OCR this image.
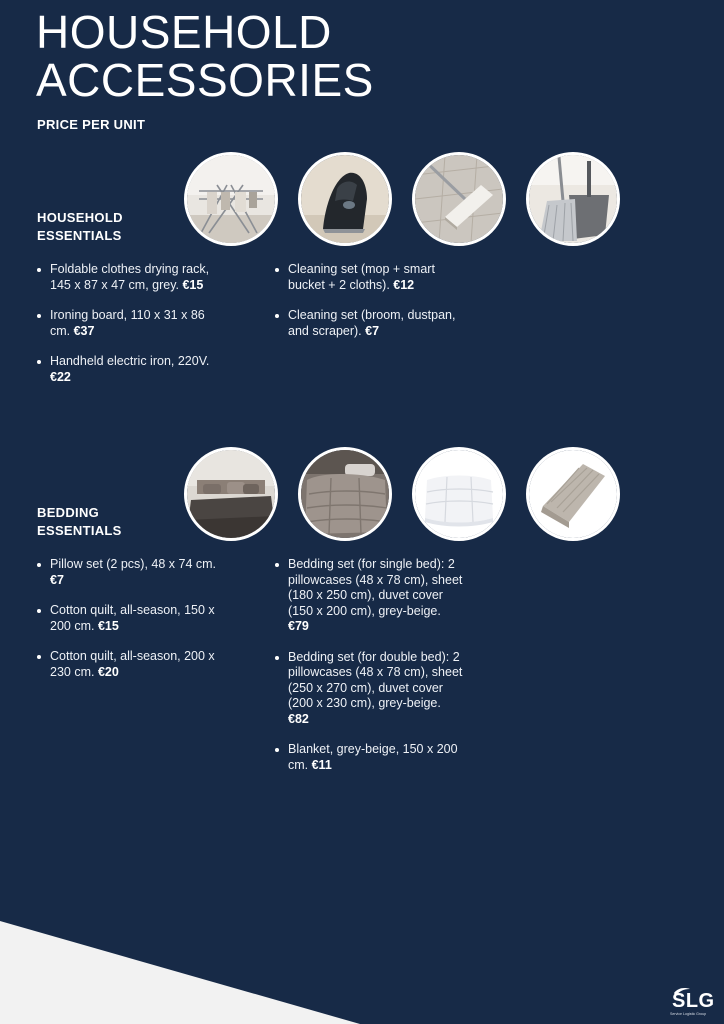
HOUSEHOLD
ACCESSORIES

PRICE PER UNIT

HOUSEHOLD
ESSENTIALS
Foldable clothes drying rack, 145 x 87 x 47 cm, grey. €15
Ironing board, 110 x 31 x 86 cm. €37
Handheld electric iron, 220V. €22
Cleaning set (mop + smart bucket + 2 cloths). €12
Cleaning set (broom, dustpan, and scraper). €7
BEDDING
ESSENTIALS
Pillow set (2 pcs), 48 x 74 cm. €7
Cotton quilt, all-season, 150 x 200 cm. €15
Cotton quilt, all-season, 200 x 230 cm. €20
Bedding set (for single bed): 2 pillowcases (48 x 78 cm), sheet (180 x 250 cm), duvet cover (150 x 200 cm), grey-beige. €79
Bedding set (for double bed): 2 pillowcases (48 x 78 cm), sheet (250 x 270 cm), duvet cover (200 x 230 cm), grey-beige. €82
Blanket, grey-beige, 150 x 200 cm. €11
SLG
Service Logistic Group
